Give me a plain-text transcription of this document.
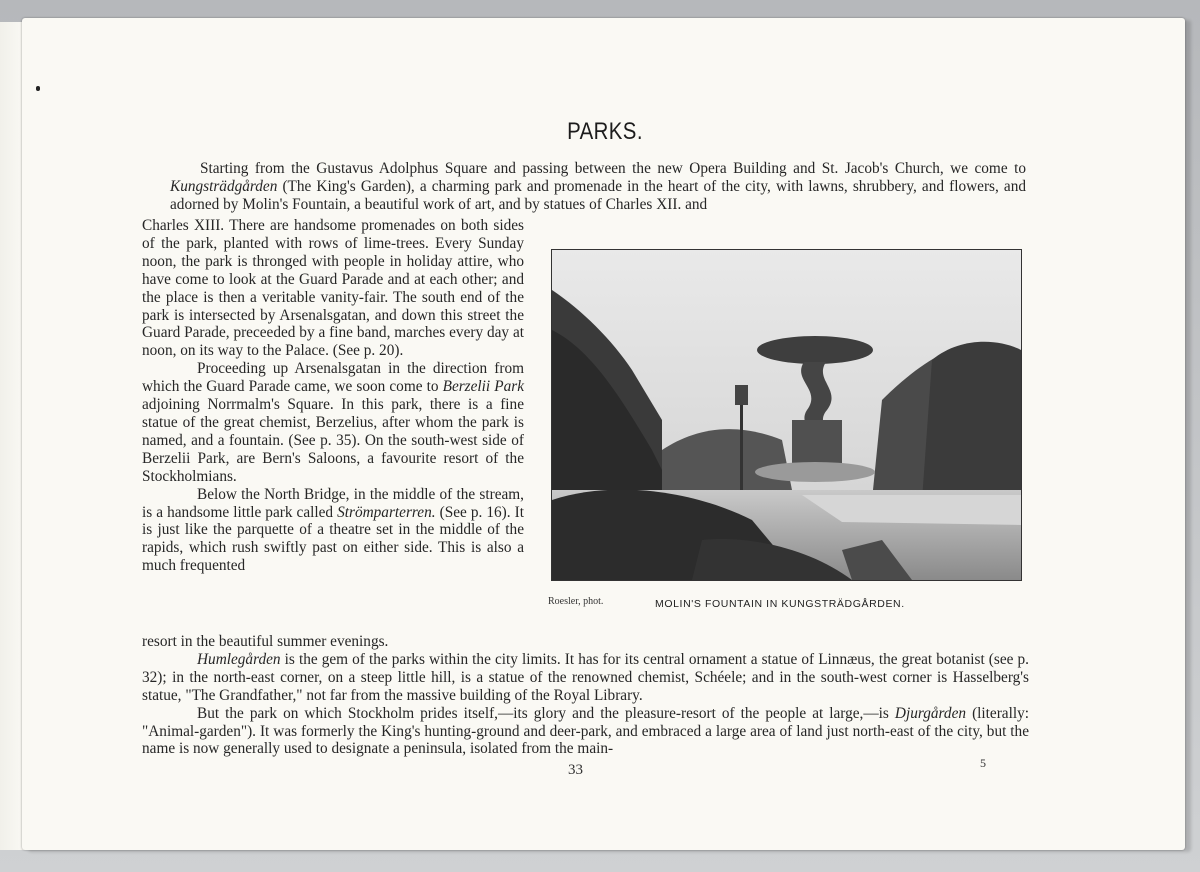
PARKS.
Starting from the Gustavus Adolphus Square and passing between the new Opera Building and St. Jacob's Church, we come to Kungsträdgården (The King's Garden), a charming park and promenade in the heart of the city, with lawns, shrubbery, and flowers, and adorned by Molin's Fountain, a beautiful work of art, and by statues of Charles XII. and

Charles XIII. There are handsome promenades on both sides of the park, planted with rows of lime-trees. Every Sunday noon, the park is thronged with people in holiday attire, who have come to look at the Guard Parade and at each other; and the place is then a veritable vanity-fair. The south end of the park is intersected by Arsenalsgatan, and down this street the Guard Parade, preceeded by a fine band, marches every day at noon, on its way to the Palace. (See p. 20).

Proceeding up Arsenalsgatan in the direction from which the Guard Parade came, we soon come to Berzelii Park adjoining Norrmalm's Square. In this park, there is a fine statue of the great chemist, Berzelius, after whom the park is named, and a fountain. (See p. 35). On the south-west side of Berzelii Park, are Bern's Saloons, a favourite resort of the Stockholmians.

Below the North Bridge, in the middle of the stream, is a handsome little park called Strömparterren. (See p. 16). It is just like the parquette of a theatre set in the middle of the rapids, which rush swiftly past on either side. This is also a much frequented

Roesler, phot.	MOLIN'S FOUNTAIN IN KUNGSTRÄDGÅRDEN.

resort in the beautiful summer evenings.

Humlegården is the gem of the parks within the city limits. It has for its central ornament a statue of Linnæus, the great botanist (see p. 32); in the north-east corner, on a steep little hill, is a statue of the renowned chemist, Schéele; and in the south-west corner is Hasselberg's statue, "The Grandfather," not far from the massive building of the Royal Library.

But the park on which Stockholm prides itself,—its glory and the pleasure-resort of the people at large,—is Djurgården (literally: "Animal-garden"). It was formerly the King's hunting-ground and deer-park, and embraced a large area of land just north-east of the city, but the name is now generally used to designate a peninsula, isolated from the main-

33	5
